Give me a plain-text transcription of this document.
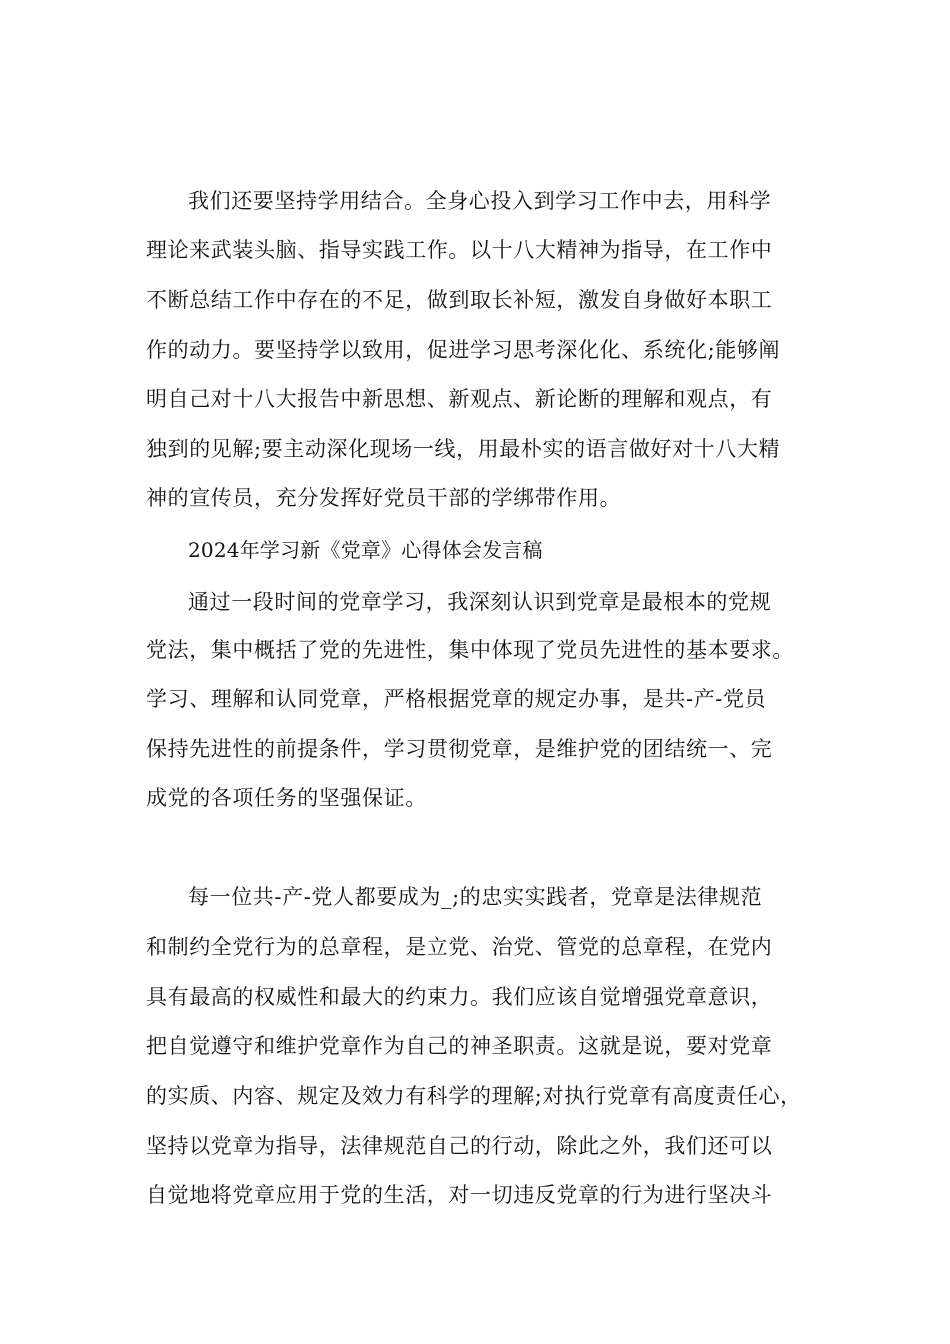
我们还要坚持学用结合。全身心投入到学习工作中去，用科学
理论来武装头脑、指导实践工作。以十八大精神为指导，在工作中
不断总结工作中存在的不足，做到取长补短，激发自身做好本职工
作的动力。要坚持学以致用，促进学习思考深化化、系统化;能够阐
明自己对十八大报告中新思想、新观点、新论断的理解和观点，有
独到的见解;要主动深化现场一线，用最朴实的语言做好对十八大精
神的宣传员，充分发挥好党员干部的学绑带作用。
2024年学习新《党章》心得体会发言稿
通过一段时间的党章学习，我深刻认识到党章是最根本的党规
党法，集中概括了党的先进性，集中体现了党员先进性的基本要求。
学习、理解和认同党章，严格根据党章的规定办事，是共-产-党员
保持先进性的前提条件，学习贯彻党章，是维护党的团结统一、完
成党的各项任务的坚强保证。
每一位共-产-党人都要成为_;的忠实实践者，党章是法律规范
和制约全党行为的总章程，是立党、治党、管党的总章程，在党内
具有最高的权威性和最大的约束力。我们应该自觉增强党章意识，
把自觉遵守和维护党章作为自己的神圣职责。这就是说，要对党章
的实质、内容、规定及效力有科学的理解;对执行党章有高度责任心，
坚持以党章为指导，法律规范自己的行动，除此之外，我们还可以
自觉地将党章应用于党的生活，对一切违反党章的行为进行坚决斗
